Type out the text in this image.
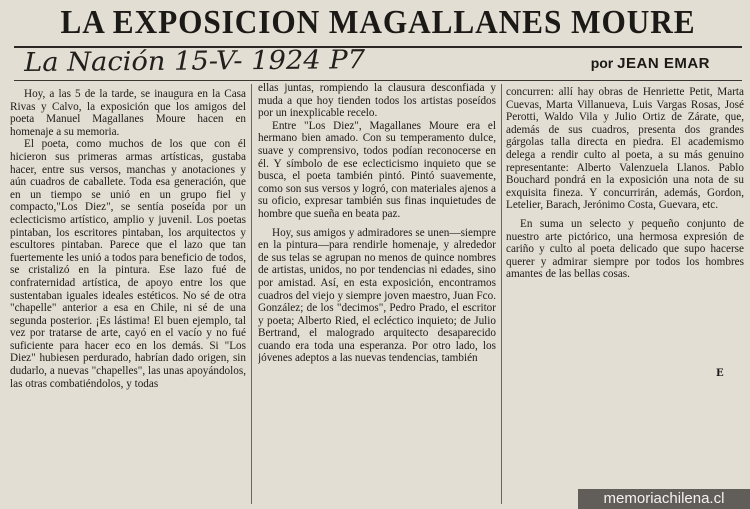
LA EXPOSICION MAGALLANES MOURE
La Nación 15-V- 1924 P7	por JEAN EMAR

Hoy, a las 5 de la tarde, se inaugura en la Casa Rivas y Calvo, la exposición que los amigos del poeta Manuel Magallanes Moure hacen en homenaje a su memoria.

El poeta, como muchos de los que con él hicieron sus primeras armas artísticas, gustaba hacer, entre sus versos, manchas y anotaciones y aún cuadros de caballete. Toda esa generación, que en un tiempo se unió en un grupo fiel y compacto,"Los Diez", se sentía poseída por un eclecticismo artístico, amplio y juvenil. Los poetas pintaban, los escritores pintaban, los arquitectos y escultores pintaban. Parece que el lazo que tan fuertemente les unió a todos para beneficio de todos, se cristalizó en la pintura. Ese lazo fué de confraternidad artística, de apoyo entre los que sustentaban iguales ideales estéticos. No sé de otra "chapelle" anterior a esa en Chile, ni sé de una segunda posterior. ¡Es lástima! El buen ejemplo, tal vez por tratarse de arte, cayó en el vacío y no fué suficiente para hacer eco en los demás. Si "Los Diez" hubiesen perdurado, habrían dado origen, sin dudarlo, a nuevas "chapelles", las unas apoyándolos, las otras combatiéndolos, y todas

ellas juntas, rompiendo la clausura desconfiada y muda a que hoy tienden todos los artistas poseídos por un inexplicable recelo.

Entre "Los Diez", Magallanes Moure era el hermano bien amado. Con su temperamento dulce, suave y comprensivo, todos podían reconocerse en él. Y símbolo de ese eclecticismo inquieto que se busca, el poeta también pintó. Pintó suavemente, como son sus versos y logró, con materiales ajenos a su oficio, expresar también sus finas inquietudes de hombre que sueña en beata paz.

Hoy, sus amigos y admiradores se unen—siempre en la pintura—para rendirle homenaje, y alrededor de sus telas se agrupan no menos de quince nombres de artistas, unidos, no por tendencias ni edades, sino por amistad. Así, en esta exposición, encontramos cuadros del viejo y siempre joven maestro, Juan Fco. González; de los "decimos", Pedro Prado, el escritor y poeta; Alberto Ried, el ecléctico inquieto; de Julio Bertrand, el malogrado arquitecto desaparecido cuando era toda una esperanza. Por otro lado, los jóvenes adeptos a las nuevas tendencias, también

concurren: allí hay obras de Henriette Petit, Marta Cuevas, Marta Villanueva, Luis Vargas Rosas, José Perotti, Waldo Vila y Julio Ortiz de Zárate, que, además de sus cuadros, presenta dos grandes gárgolas talla directa en piedra. El academismo delega a rendir culto al poeta, a su más genuino representante: Alberto Valenzuela Llanos. Pablo Bouchard pondrá en la exposición una nota de su exquisita fineza. Y concurrirán, además, Gordon, Letelier, Barach, Jerónimo Costa, Guevara, etc.

En suma un selecto y pequeño conjunto de nuestro arte pictórico, una hermosa expresión de cariño y culto al poeta delicado que supo hacerse querer y admirar siempre por todos los hombres amantes de las bellas cosas.

E
memoriachilena.cl
